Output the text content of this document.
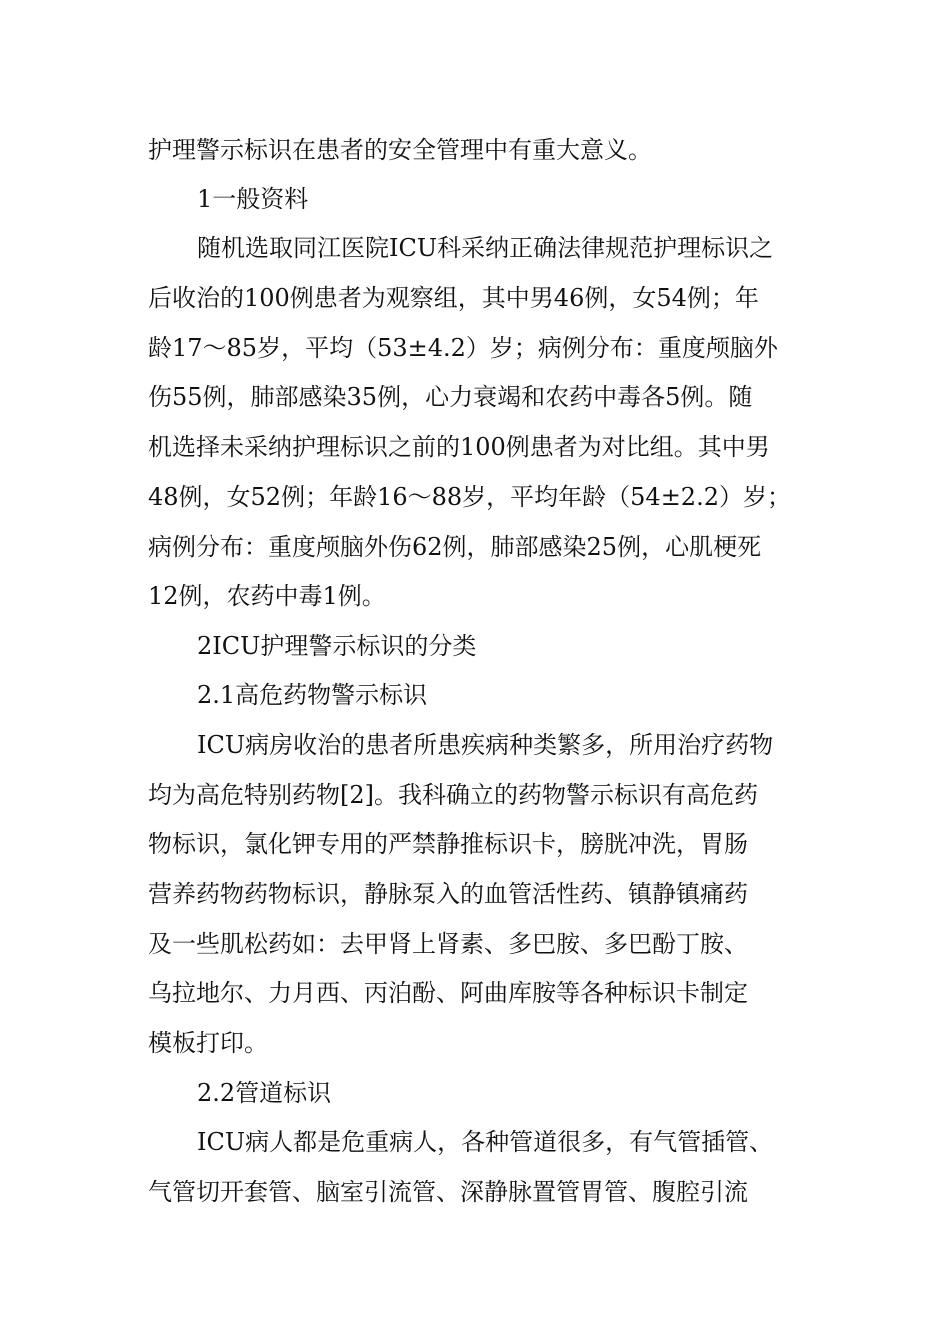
护理警示标识在患者的安全管理中有重大意义。
1一般资料
随机选取同江医院ICU科采纳正确法律规范护理标识之
后收治的100例患者为观察组，其中男46例，女54例；年
龄17～85岁，平均（53±4.2）岁；病例分布：重度颅脑外
伤55例，肺部感染35例，心力衰竭和农药中毒各5例。随
机选择未采纳护理标识之前的100例患者为对比组。其中男
48例，女52例；年龄16～88岁，平均年龄（54±2.2）岁；
病例分布：重度颅脑外伤62例，肺部感染25例，心肌梗死
12例，农药中毒1例。
2ICU护理警示标识的分类
2.1高危药物警示标识
ICU病房收治的患者所患疾病种类繁多，所用治疗药物
均为高危特别药物[2]。我科确立的药物警示标识有高危药
物标识，氯化钾专用的严禁静推标识卡，膀胱冲洗，胃肠
营养药物药物标识，静脉泵入的血管活性药、镇静镇痛药
及一些肌松药如：去甲肾上肾素、多巴胺、多巴酚丁胺、
乌拉地尔、力月西、丙泊酚、阿曲库胺等各种标识卡制定
模板打印。
2.2管道标识
ICU病人都是危重病人，各种管道很多，有气管插管、
气管切开套管、脑室引流管、深静脉置管胃管、腹腔引流
